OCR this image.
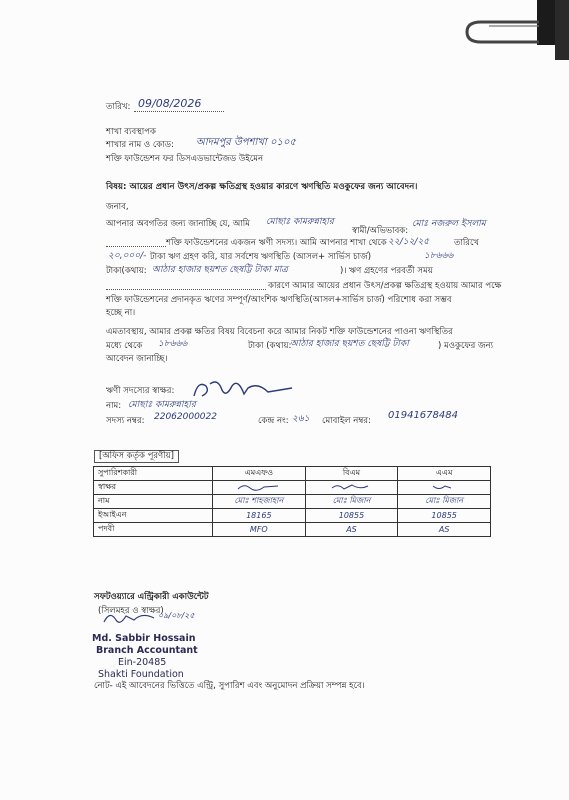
তারিখ: 09/08/2026
শাখা ব্যবস্থাপক
শাখার নাম ও কোড: আদমপুর উপশাখা ০১০৫
শক্তি ফাউন্ডেশন ফর ডিসএডভান্টেজড উইমেন
বিষয়: আয়ের প্রধান উৎস/প্রকল্প ক্ষতিগ্রস্থ হওয়ার কারণে ঋণস্থিতি মওকুফের জন্য আবেদন।
জনাব,
আপনার অবগতির জন্য জানাচ্ছি যে, আমি মোছাঃ কামরুন্নাহার
স্বামী/অভিভাবক:
মোঃ নজরুল ইসলাম
শক্তি ফাউন্ডেশনের একজন ঋণী সদস্য। আমি আপনার শাখা থেকে ২২/১২/২৫	তারিখে
২০,০০০/- টাকা ঋণ গ্রহণ করি, যার সর্বশেষ ঋণস্থিতি (আসল+ সার্ভিস চার্জ)	১৮৬৬৬
টাকা(কথায়: আঠার হাজার ছয়শত ছেষট্টি টাকা মাত্র	)। ঋণ গ্রহণের পরবর্তী সময়
কারণে আমার আয়ের প্রধান উৎস/প্রকল্প ক্ষতিগ্রস্থ হওয়ায় আমার পক্ষে
শক্তি ফাউন্ডেশনের প্রদানকৃত ঋণের সম্পূর্ণ/আংশিক ঋণস্থিতি(আসল+সার্ভিস চার্জ) পরিশোধ করা সম্ভব
হচ্ছে না।
এমতাবস্থায়, আমার প্রকল্প ক্ষতির বিষয় বিবেচনা করে আমার নিকট শক্তি ফাউন্ডেশনের পাওনা ঋণস্থিতির
মধ্যে থেকে ১৮৬৬৬	টাকা (কথায়:
আঠার হাজার ছয়শত ছেষট্টি টাকা	) মওকুফের জন্য
আবেদন জানাচ্ছি।
ঋণী সদস্যের স্বাক্ষর:
নাম: মোছাঃ কামরুন্নাহার
সদস্য নম্বর: 22062000022	কেন্দ্র নং: ২৬১ মোবাইল নম্বর: 01941678484
[অফিস কর্তৃক পূরণীয়]
সুপারিশকারী	এমএফও	বিএম	এএম
স্বাক্ষর			
নাম	মোঃ শাহজাহান	মোঃ মিজান	মোঃ মিজান
ইআইএন	18165	10855	10855
পদবী	MFO	AS	AS
সফটওয়্যারে এন্ট্রিকারী একাউন্টেট
(সিলমহর ও স্বাক্ষর)
০৯/০৮/২৫
Md. Sabbir Hossain
Branch Accountant
Ein-20485
Shakti Foundation
নোট- এই আবেদনের ভিত্তিতে এন্ট্রি, সুপারিশ এবং অনুমোদন প্রক্রিয়া সম্পন্ন হবে।
